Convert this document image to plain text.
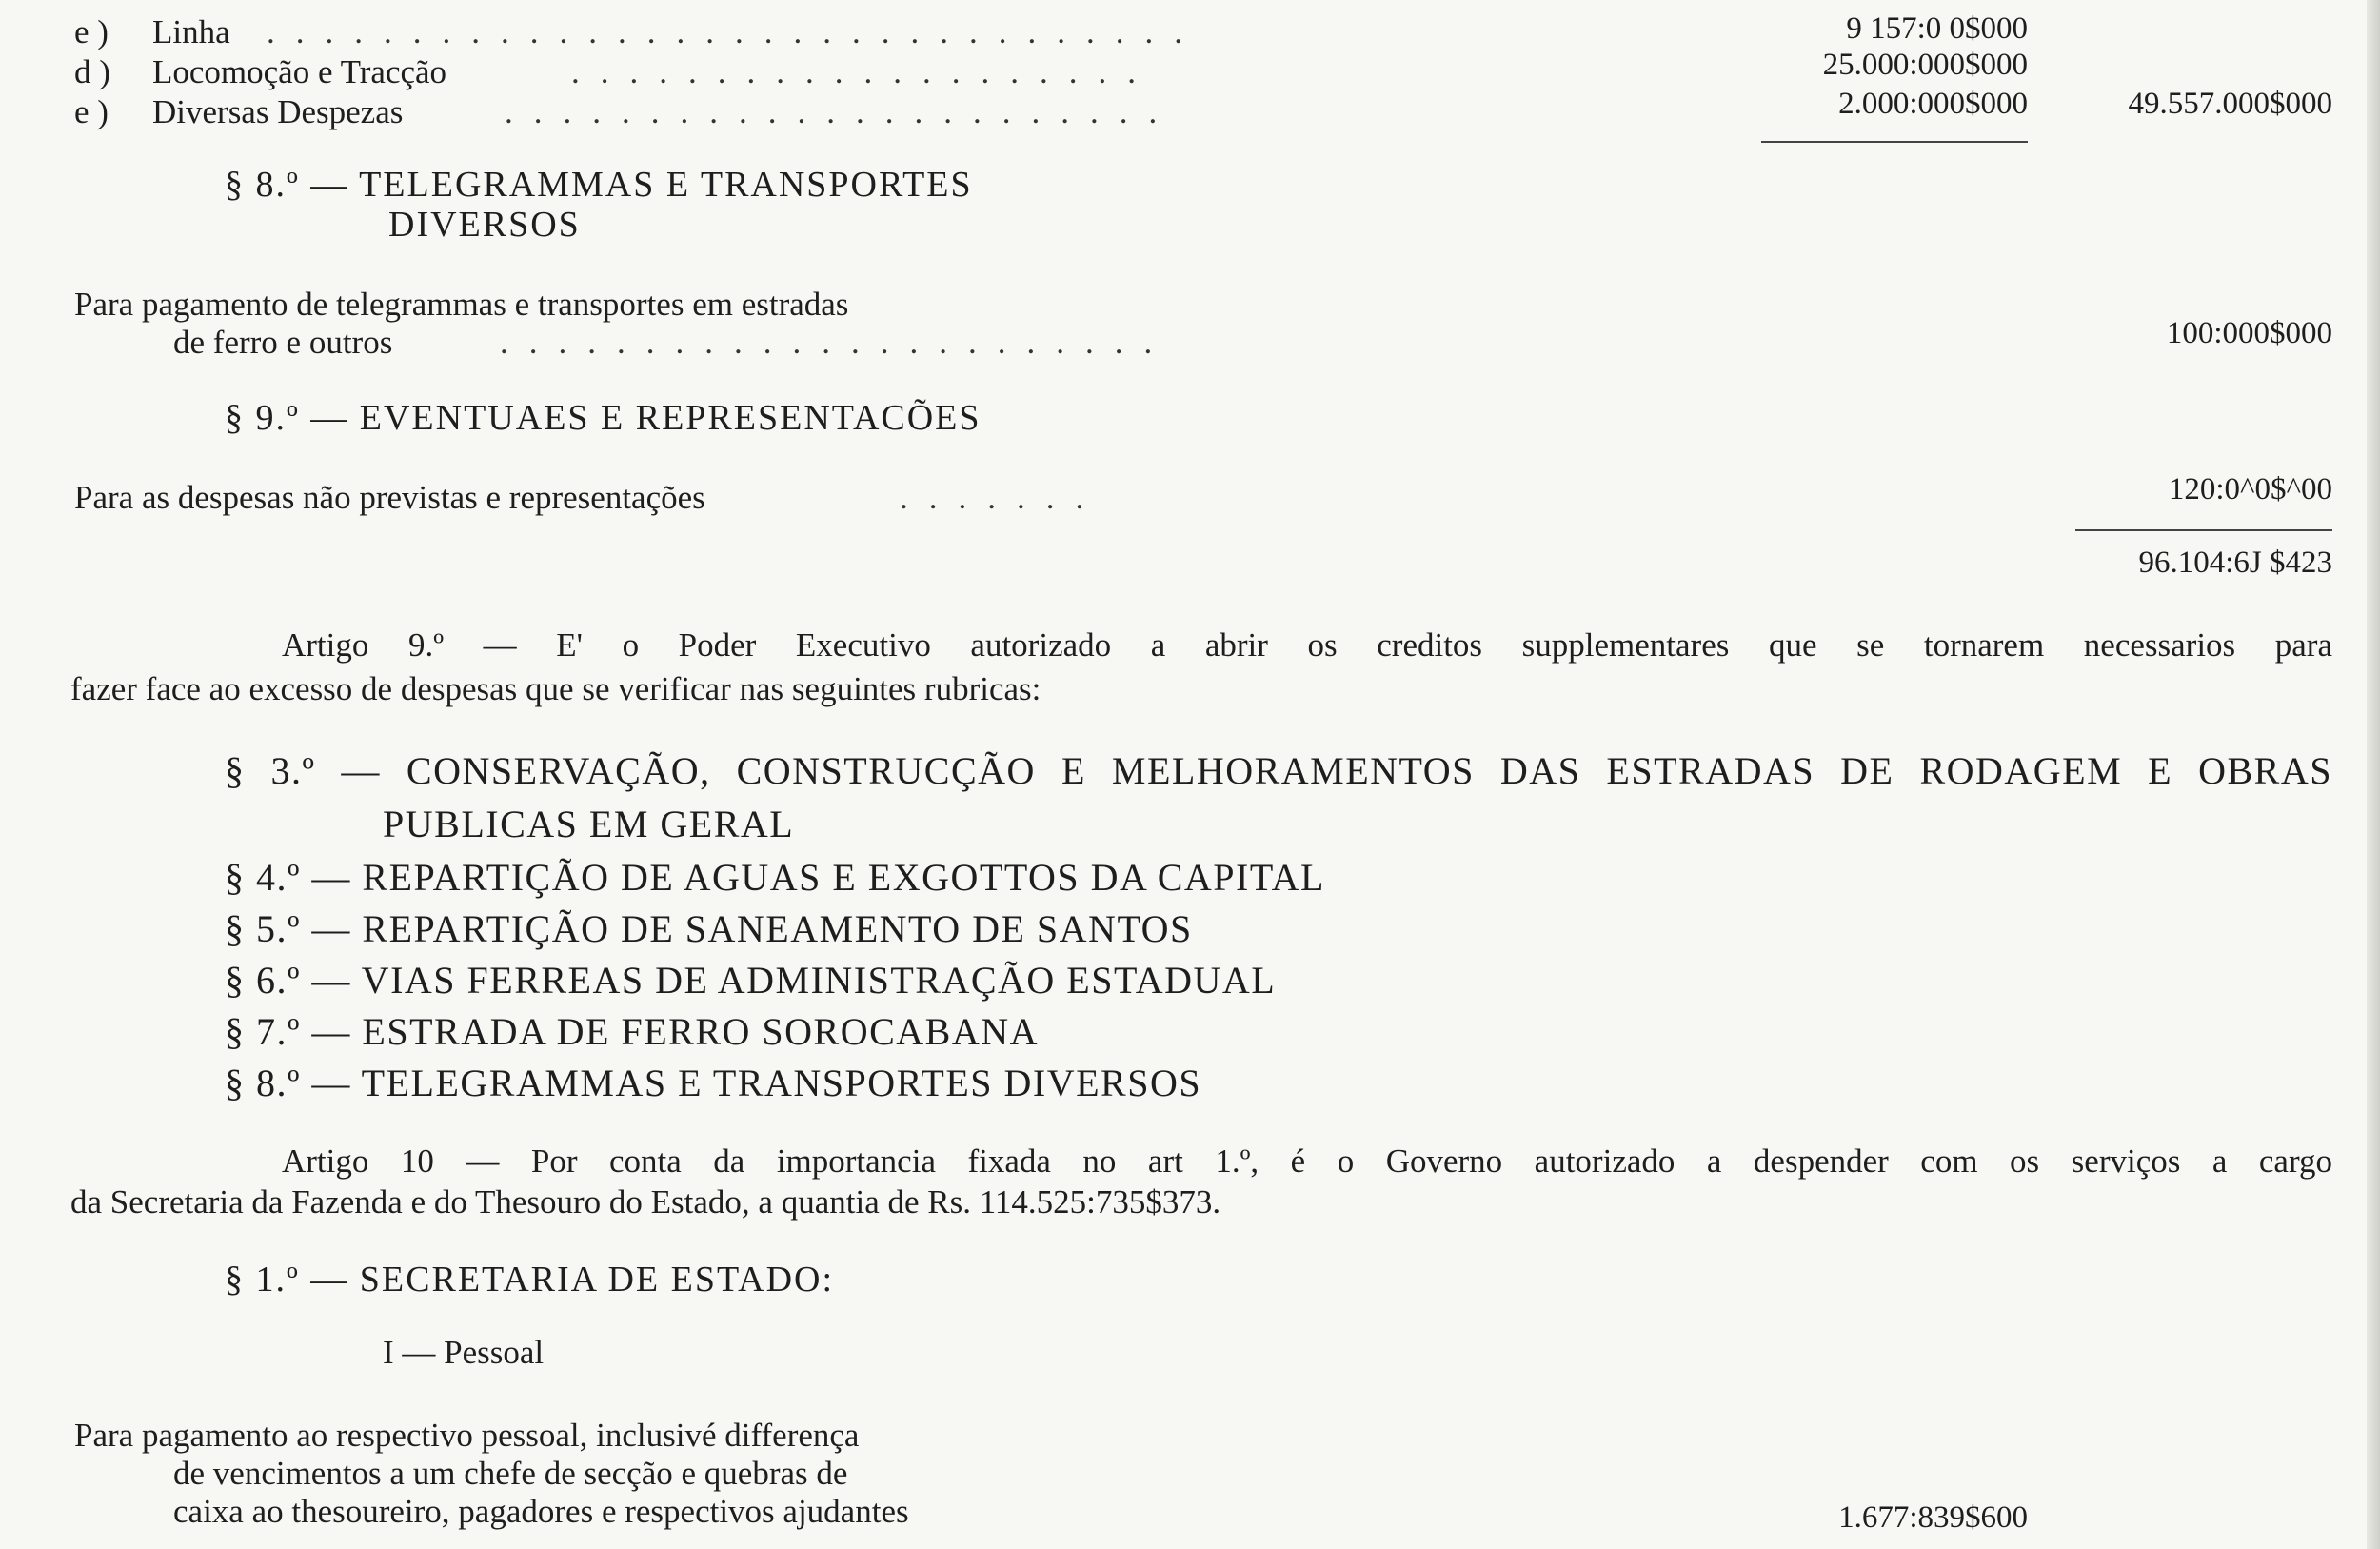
e ) Linha ................................	9 157:0 0$000
d ) Locomoção e Tracção	....................	25.000:000$000
e ) Diversas Despezas	.......................	2.000:000$000	49.557.000$000
§ 8.º — TELEGRAMMAS E TRANSPORTES
DIVERSOS
Para pagamento de telegrammas e transportes em estradas
de ferro e outros	.......................	100:000$000
§ 9.º — EVENTUAES E REPRESENTACÕES
Para as despesas não previstas e representações	.......	120:0^0$^00
96.104:6J $423
Artigo 9.º — E' o Poder Executivo autorizado a abrir os creditos supplementares que se tornarem necessarios para
fazer face ao excesso de despesas que se verificar nas seguintes rubricas:
§ 3.º — CONSERVAÇÃO, CONSTRUCÇÃO E MELHORAMENTOS DAS ESTRADAS DE RODAGEM E OBRAS
PUBLICAS EM GERAL
§ 4.º — REPARTIÇÃO DE AGUAS E EXGOTTOS DA CAPITAL
§ 5.º — REPARTIÇÃO DE SANEAMENTO DE SANTOS
§ 6.º — VIAS FERREAS DE ADMINISTRAÇÃO ESTADUAL
§ 7.º — ESTRADA DE FERRO SOROCABANA
§ 8.º — TELEGRAMMAS E TRANSPORTES DIVERSOS
Artigo 10 — Por conta da importancia fixada no art 1.º, é o Governo autorizado a despender com os serviços a cargo
da Secretaria da Fazenda e do Thesouro do Estado, a quantia de Rs. 114.525:735$373.
§ 1.º — SECRETARIA DE ESTADO:
I — Pessoal
Para pagamento ao respectivo pessoal, inclusivé differença
de vencimentos a um chefe de secção e quebras de
caixa ao thesoureiro, pagadores e respectivos ajudantes	1.677:839$600
